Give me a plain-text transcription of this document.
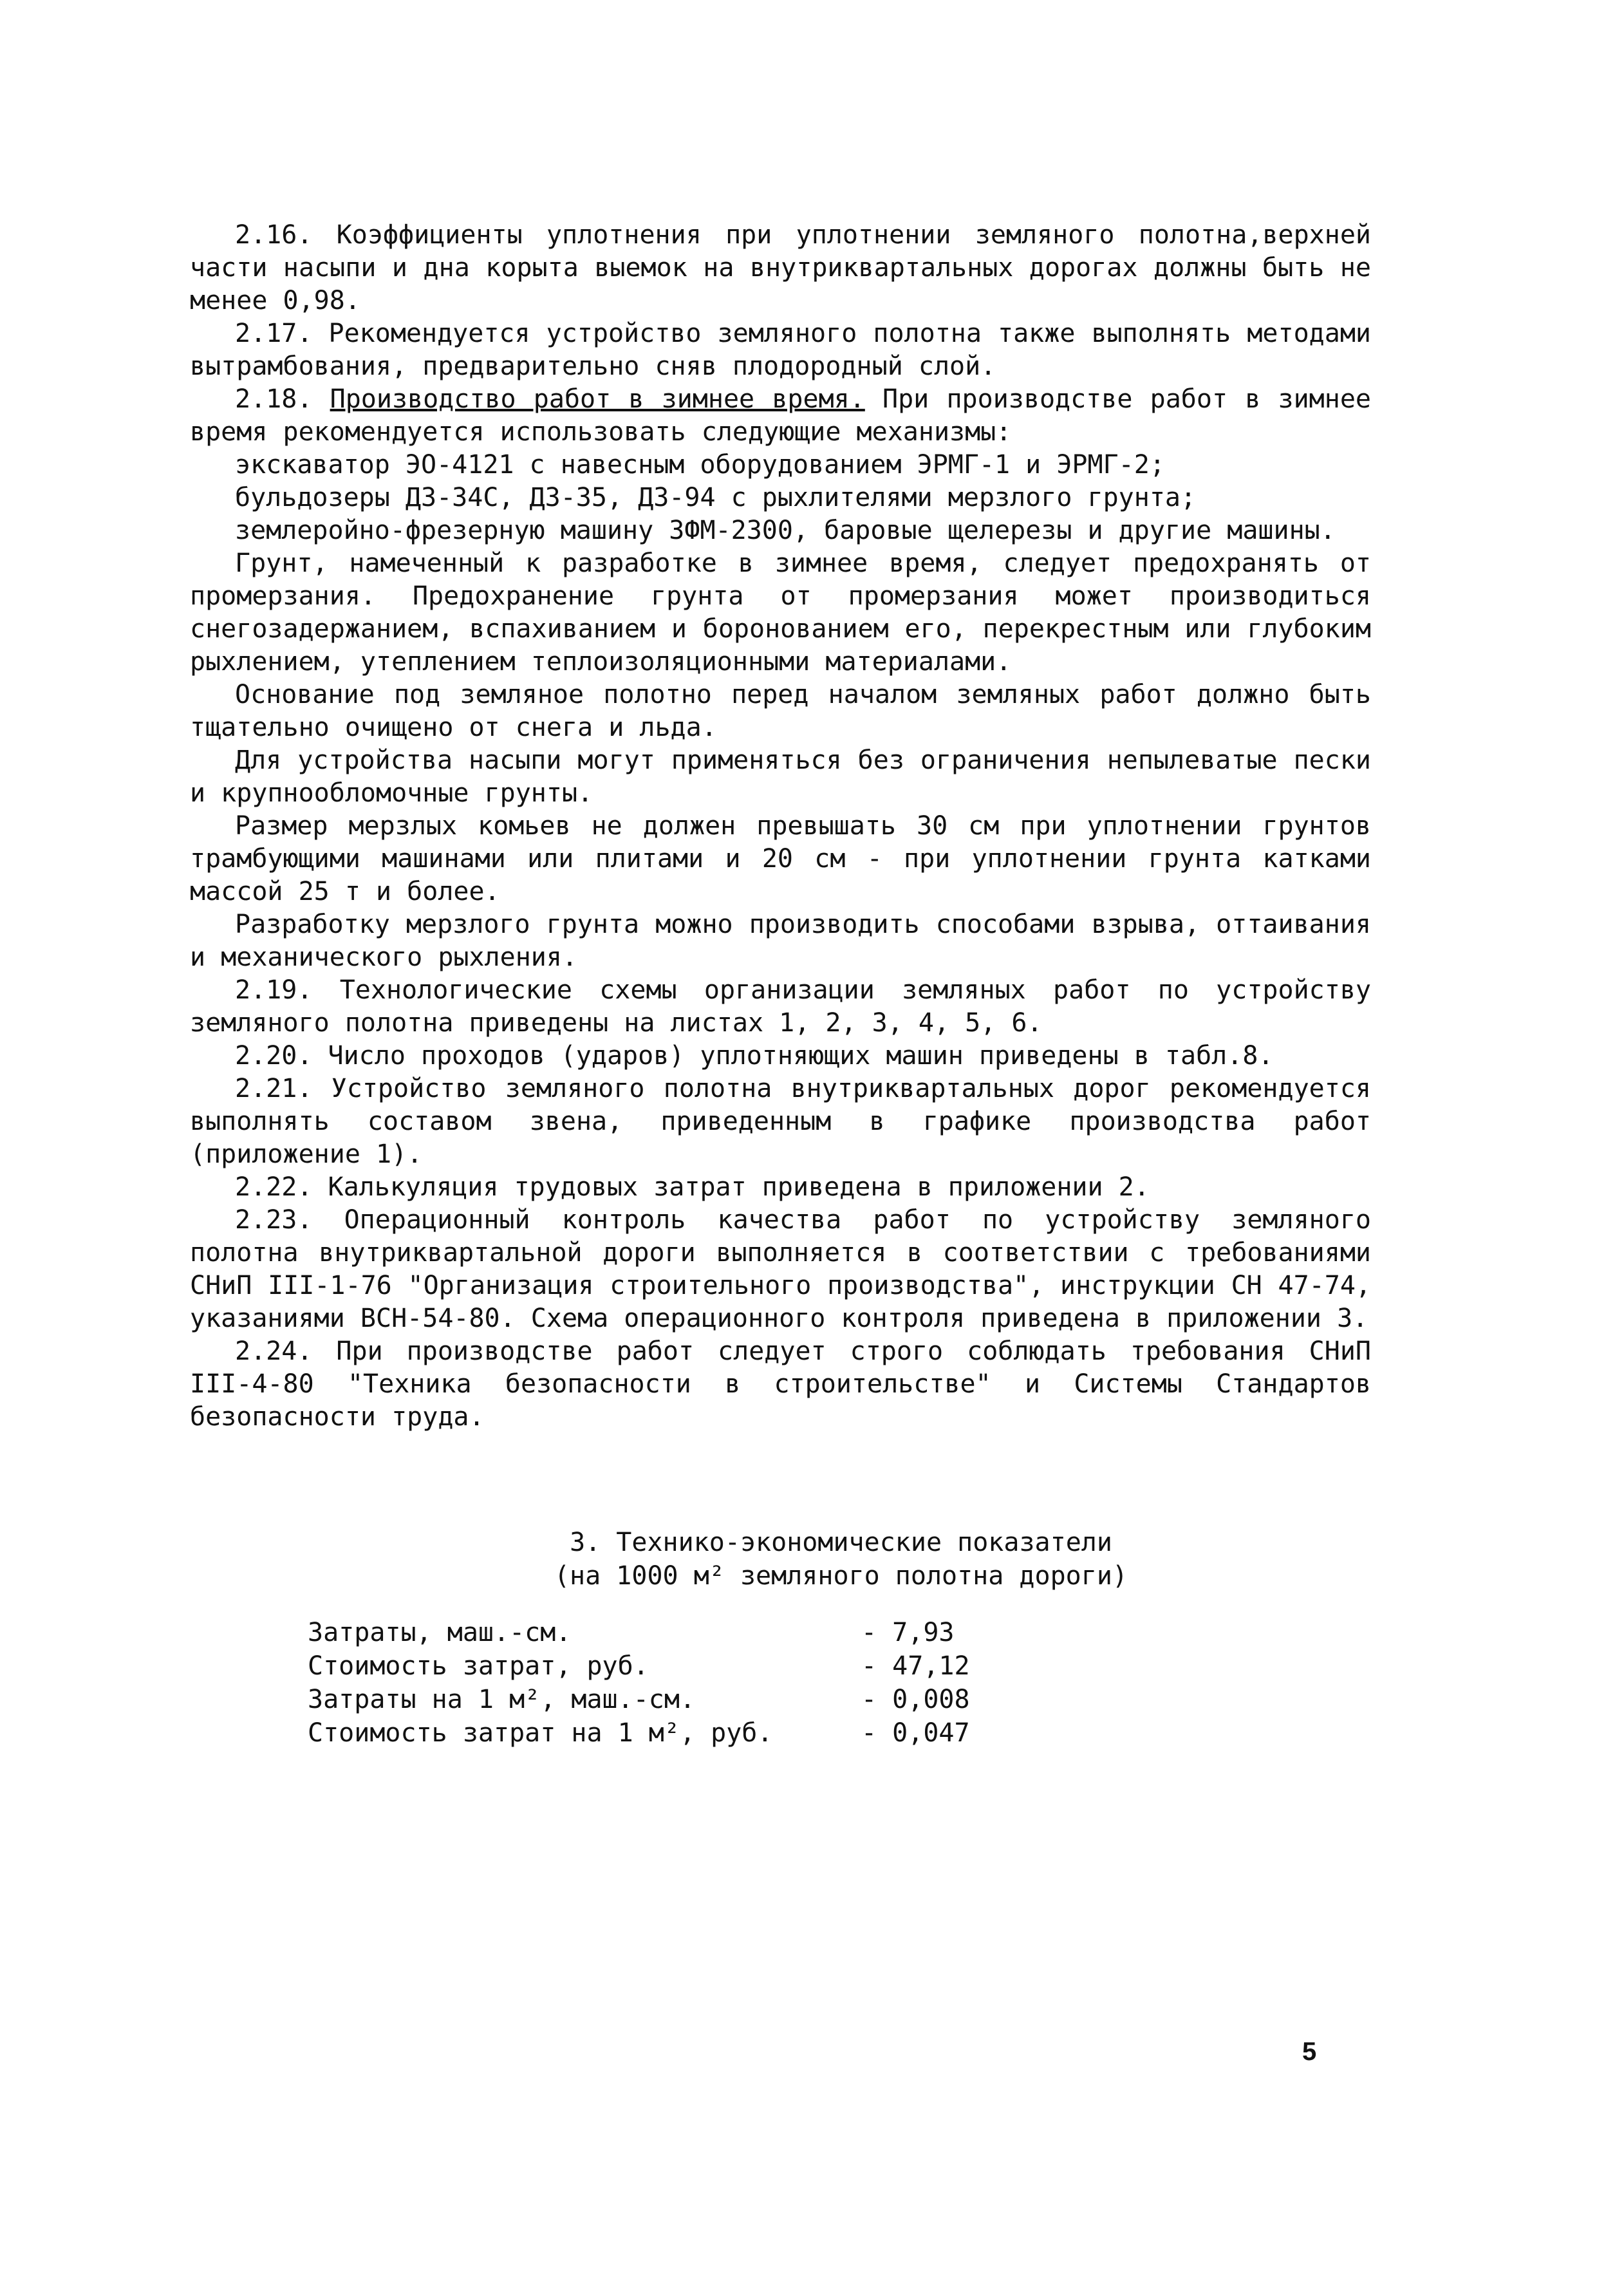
2.16. Коэффициенты уплотнения при уплотнении земляного полотна,верхней части насыпи и дна корыта выемок на внутриквартальных дорогах должны быть не менее 0,98.

2.17. Рекомендуется устройство земляного полотна также выполнять методами вытрамбования, предварительно сняв плодородный слой.

2.18. Производство работ в зимнее время. При производстве работ в зимнее время рекомендуется использовать следующие механизмы:

экскаватор ЭО-4121 с навесным оборудованием ЭРМГ-1 и ЭРМГ-2;

бульдозеры ДЗ-34С, ДЗ-35, ДЗ-94 с рыхлителями мерзлого грунта;

землеройно-фрезерную машину ЗФМ-2300, баровые щелерезы и другие машины.

Грунт, намеченный к разработке в зимнее время, следует предохранять от промерзания. Предохранение грунта от промерзания может производиться снегозадержанием, вспахиванием и боронованием его, перекрестным или глубоким рыхлением, утеплением теплоизоляционными материалами.

Основание под земляное полотно перед началом земляных работ должно быть тщательно очищено от снега и льда.

Для устройства насыпи могут применяться без ограничения непылеватые пески и крупнообломочные грунты.

Размер мерзлых комьев не должен превышать 30 см при уплотнении грунтов трамбующими машинами или плитами и 20 см - при уплотнении грунта катками массой 25 т и более.

Разработку мерзлого грунта можно производить способами взрыва, оттаивания и механического рыхления.

2.19. Технологические схемы организации земляных работ по устройству земляного полотна приведены на листах 1, 2, 3, 4, 5, 6.

2.20. Число проходов (ударов) уплотняющих машин приведены в табл.8.

2.21. Устройство земляного полотна внутриквартальных дорог рекомендуется выполнять составом звена, приведенным в графике производства работ (приложение 1).

2.22. Калькуляция трудовых затрат приведена в приложении 2.

2.23. Операционный контроль качества работ по устройству земляного полотна внутриквартальной дороги выполняется в соответствии с требованиями СНиП III-1-76 "Организация строительного производства", инструкции СН 47-74, указаниями ВСН-54-80. Схема операционного контроля приведена в приложении 3.

2.24. При производстве работ следует строго соблюдать требования СНиП III-4-80 "Техника безопасности в строительстве" и Системы Стандартов безопасности труда.

3. Технико-экономические показатели
(на 1000 м² земляного полотна дороги)
Затраты, маш.-см.	- 7,93
Стоимость затрат, руб.	- 47,12
Затраты на 1 м², маш.-см.	- 0,008
Стоимость затрат на 1 м², руб.	- 0,047
5
